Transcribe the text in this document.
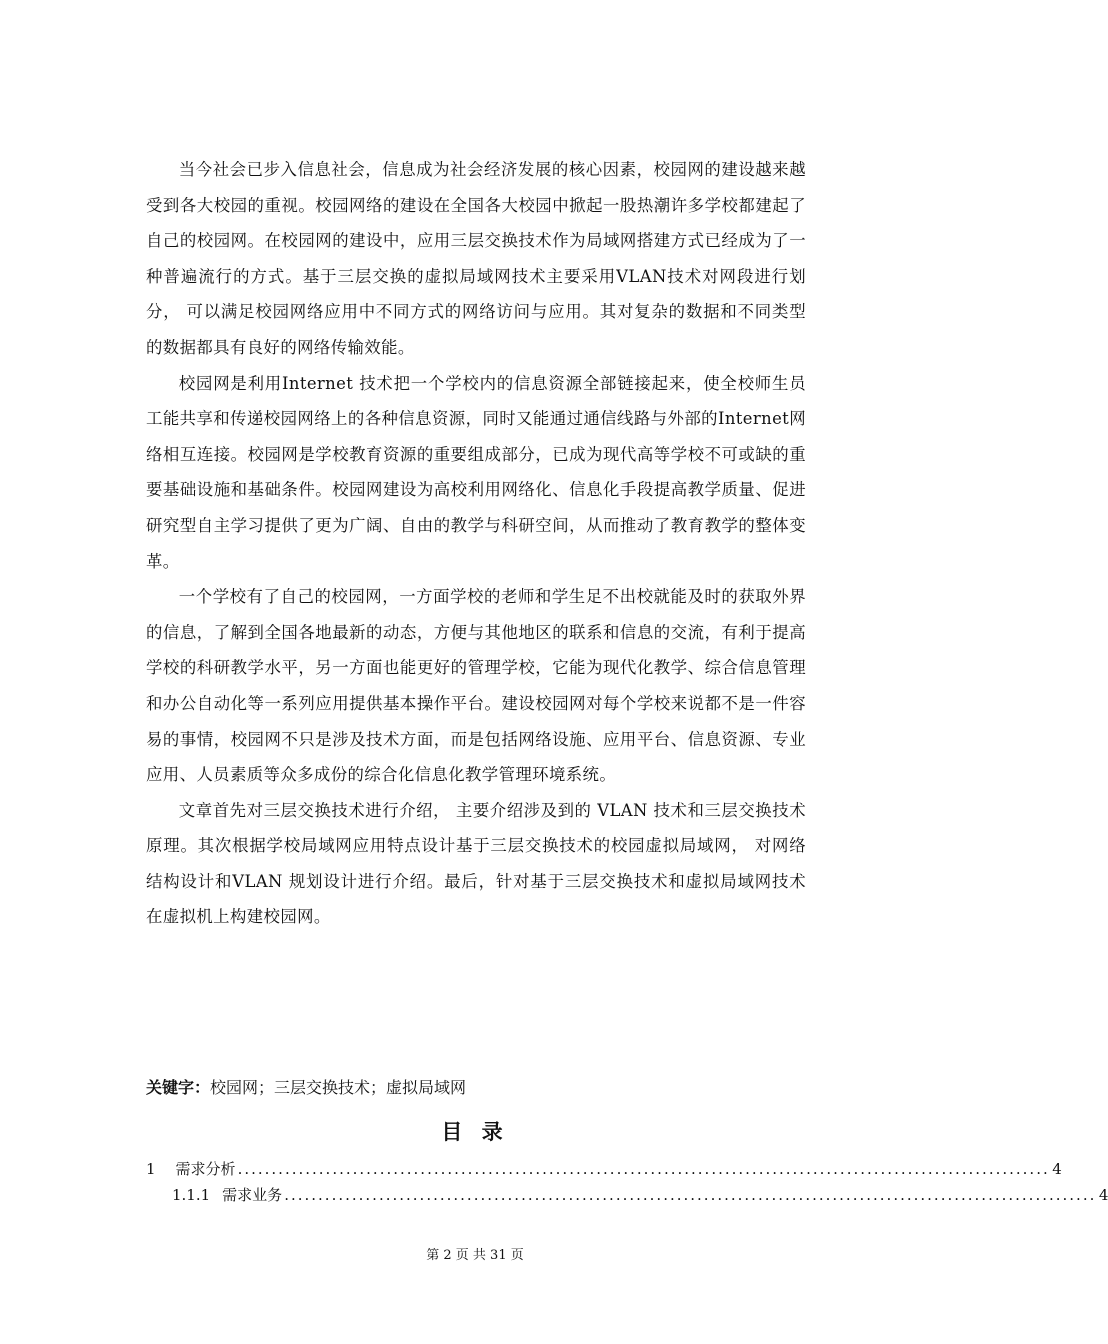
当今社会已步入信息社会，信息成为社会经济发展的核心因素，校园网的建设越来越受到各大校园的重视。校园网络的建设在全国各大校园中掀起一股热潮许多学校都建起了自己的校园网。在校园网的建设中，应用三层交换技术作为局域网搭建方式已经成为了一种普遍流行的方式。基于三层交换的虚拟局域网技术主要采用VLAN技术对网段进行划分， 可以满足校园网络应用中不同方式的网络访问与应用。其对复杂的数据和不同类型的数据都具有良好的网络传输效能。

校园网是利用Internet 技术把一个学校内的信息资源全部链接起来，使全校师生员工能共享和传递校园网络上的各种信息资源，同时又能通过通信线路与外部的Internet网络相互连接。校园网是学校教育资源的重要组成部分，已成为现代高等学校不可或缺的重要基础设施和基础条件。校园网建设为高校利用网络化、信息化手段提高教学质量、促进研究型自主学习提供了更为广阔、自由的教学与科研空间，从而推动了教育教学的整体变革。

一个学校有了自己的校园网，一方面学校的老师和学生足不出校就能及时的获取外界的信息，了解到全国各地最新的动态，方便与其他地区的联系和信息的交流，有利于提高学校的科研教学水平，另一方面也能更好的管理学校，它能为现代化教学、综合信息管理和办公自动化等一系列应用提供基本操作平台。建设校园网对每个学校来说都不是一件容易的事情，校园网不只是涉及技术方面，而是包括网络设施、应用平台、信息资源、专业应用、人员素质等众多成份的综合化信息化教学管理环境系统。

文章首先对三层交换技术进行介绍， 主要介绍涉及到的 VLAN 技术和三层交换技术原理。其次根据学校局域网应用特点设计基于三层交换技术的校园虚拟局域网， 对网络结构设计和VLAN 规划设计进行介绍。最后，针对基于三层交换技术和虚拟局域网技术在虚拟机上构建校园网。

关键字：校园网；三层交换技术；虚拟局域网
目 录
1 需求分析 ........................................................................................................................ 4
1.1.1 需求业务 ........................................................................................................................ 4
第 2 页 共 31 页
